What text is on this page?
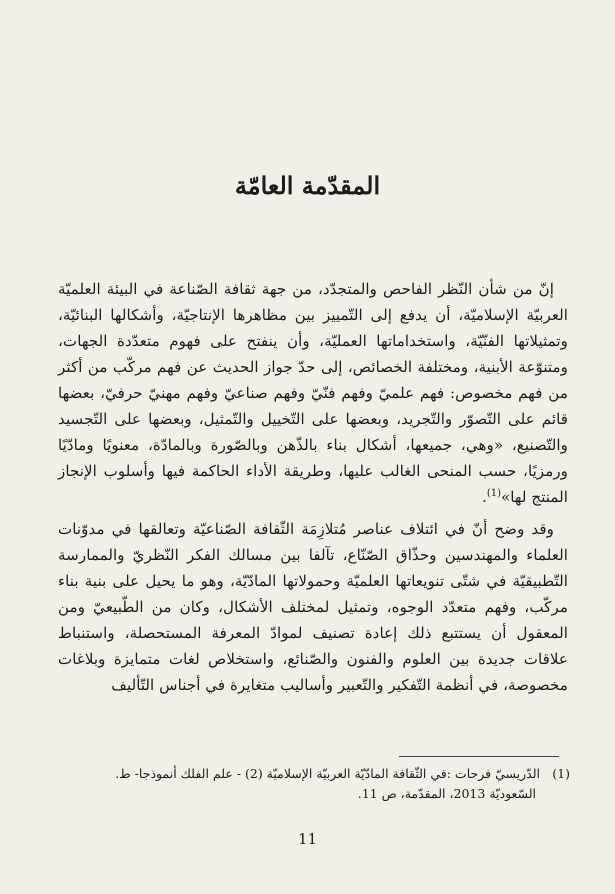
المقدّمة العامّة

إنّ من شأن النّظر الفاحص والمتجدّد، من جهة ثقافة الصّناعة في البيئة العلميّة العربيّة الإسلاميّة، أن يدفع إلى التّمييز بين مظاهرها الإنتاجيّة، وأشكالها البنائيّة، وتمثيلاتها الفنّيّة، واستخداماتها العمليّة، وأن ينفتح على فهوم متعدّدة الجهات، ومتنوّعة الأبنية، ومختلفة الخصائص، إلى حدّ جواز الحديث عن فهم مركّب من أكثر من فهم مخصوص: فهم علميّ وفهم فنّيّ وفهم صناعيّ وفهم مهنيّ حرفيّ، بعضها قائم على التّصوّر والتّجريد، وبعضها على التّخييل والتّمثيل، وبعضها على التّجسيد والتّصنيع، «وهي، جميعها، أشكال بناء بالذّهن وبالصّورة وبالمادّة، معنويًا ومادّيًا ورمزيًا، حسب المنحى الغالب عليها، وطريقة الأداء الحاكمة فيها وأسلوب الإنجاز المنتج لها»$^{(1)}$.

وقد وضح أنّ في ائتلاف عناصر مُتلازِمَة الثّقافة الصّناعيّة وتعالقها في مدوّنات العلماء والمهندسين وحذّاق الصّنّاع، تآلفا بين مسالك الفكر النّظريّ والممارسة التّطبيقيّة في شتّى تنويعاتها العلميّة وحمولاتها المادّيّة، وهو ما يحيل على بنية بناء مركّب، وفهم متعدّد الوجوه، وتمثيل لمختلف الأشكال، وكان من الطّبيعيّ ومن المعقول أن يستتبع ذلك إعادة تصنيف لموادّ المعرفة المستحصلة، واستنباط علاقات جديدة بين العلوم والفنون والصّنائع، واستخلاص لغات متمايزة وبلاغات مخصوصة، في أنظمة التّفكير والتّعبير وأساليب متغايرة في أجناس التّأليف

(1) الدّريسيّ فرحات :في الثّقافة المادّيّة العربيّة الإسلاميّة (2) - علم الفلك أنموذجا- ط.
السّعوديّة 2013، المقدّمة، ص 11.
11
